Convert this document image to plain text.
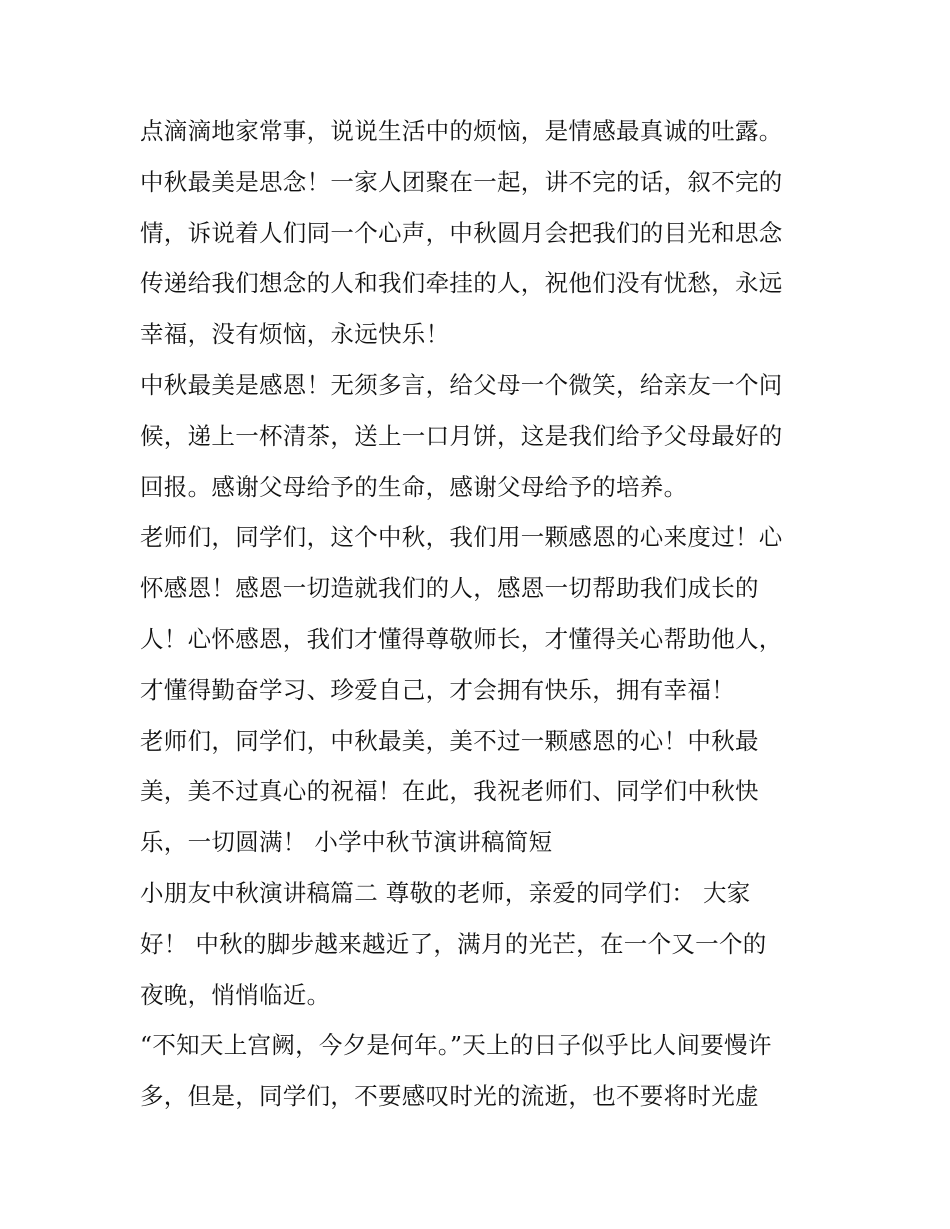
点滴滴地家常事，说说生活中的烦恼，是情感最真诚的吐露。
中秋最美是思念！一家人团聚在一起，讲不完的话，叙不完的
情，诉说着人们同一个心声，中秋圆月会把我们的目光和思念
传递给我们想念的人和我们牵挂的人，祝他们没有忧愁，永远
幸福，没有烦恼，永远快乐！
中秋最美是感恩！无须多言，给父母一个微笑，给亲友一个问
候，递上一杯清茶，送上一口月饼，这是我们给予父母最好的
回报。感谢父母给予的生命，感谢父母给予的培养。
老师们，同学们，这个中秋，我们用一颗感恩的心来度过！心
怀感恩！感恩一切造就我们的人，感恩一切帮助我们成长的
人！心怀感恩，我们才懂得尊敬师长，才懂得关心帮助他人，
才懂得勤奋学习、珍爱自己，才会拥有快乐，拥有幸福！
老师们，同学们，中秋最美，美不过一颗感恩的心！中秋最
美，美不过真心的祝福！在此，我祝老师们、同学们中秋快
乐，一切圆满！ 小学中秋节演讲稿简短
小朋友中秋演讲稿篇二 尊敬的老师，亲爱的同学们： 大家
好！ 中秋的脚步越来越近了，满月的光芒，在一个又一个的
夜晚，悄悄临近。
“不知天上宫阙，今夕是何年。”天上的日子似乎比人间要慢许
多，但是，同学们，不要感叹时光的流逝，也不要将时光虚
